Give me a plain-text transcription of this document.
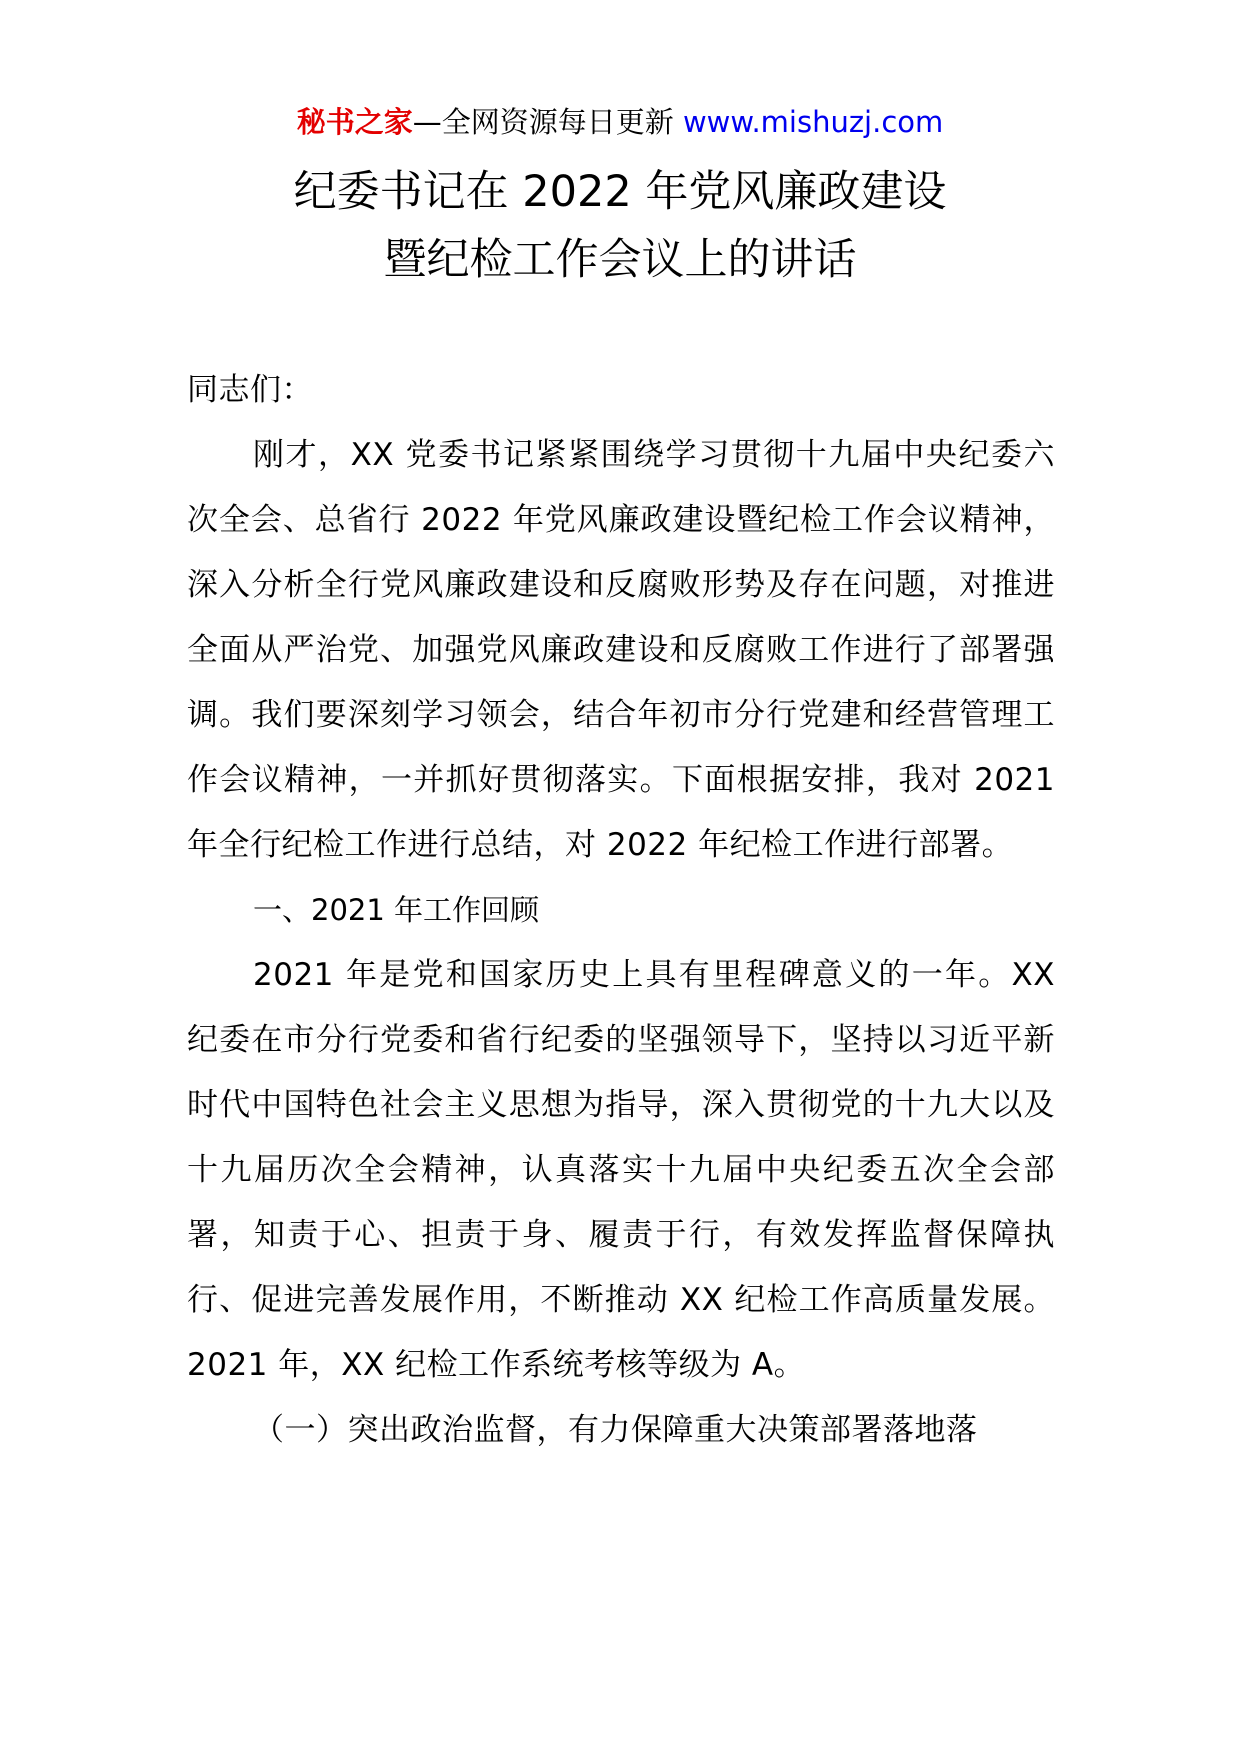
秘书之家—全网资源每日更新 www.mishuzj.com
纪委书记在 2022 年党风廉政建设
暨纪检工作会议上的讲话

同志们：

刚才，XX 党委书记紧紧围绕学习贯彻十九届中央纪委六次全会、总省行 2022 年党风廉政建设暨纪检工作会议精神，深入分析全行党风廉政建设和反腐败形势及存在问题，对推进全面从严治党、加强党风廉政建设和反腐败工作进行了部署强调。我们要深刻学习领会，结合年初市分行党建和经营管理工作会议精神，一并抓好贯彻落实。下面根据安排，我对 2021 年全行纪检工作进行总结，对 2022 年纪检工作进行部署。

一、2021 年工作回顾

2021 年是党和国家历史上具有里程碑意义的一年。XX 纪委在市分行党委和省行纪委的坚强领导下，坚持以习近平新时代中国特色社会主义思想为指导，深入贯彻党的十九大以及十九届历次全会精神，认真落实十九届中央纪委五次全会部署，知责于心、担责于身、履责于行，有效发挥监督保障执行、促进完善发展作用，不断推动 XX 纪检工作高质量发展。2021 年，XX 纪检工作系统考核等级为 A。

（一）突出政治监督，有力保障重大决策部署落地落
